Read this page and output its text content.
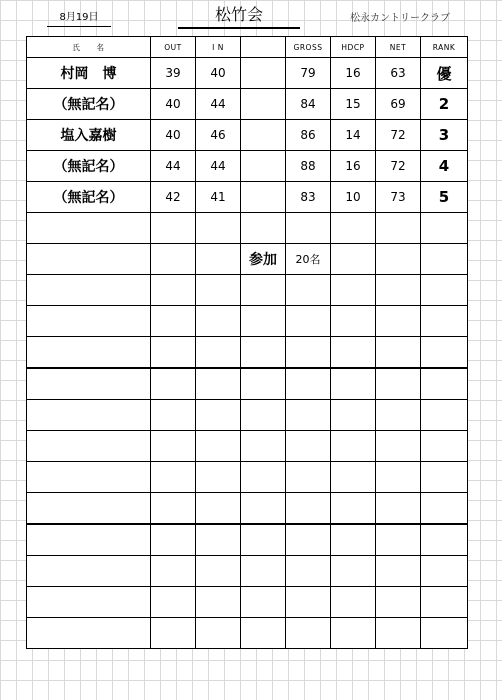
8月19日	松竹会	松永カントリークラブ
氏　　名	OUT	I N		GROSS	HDCP	NET	RANK
村岡　博	39	40		79	16	63	優
（無記名）	40	44		84	15	69	2
塩入嘉樹	40	46		86	14	72	3
（無記名）	44	44		88	16	72	4
（無記名）	42	41		83	10	73	5

			参加	20名			
